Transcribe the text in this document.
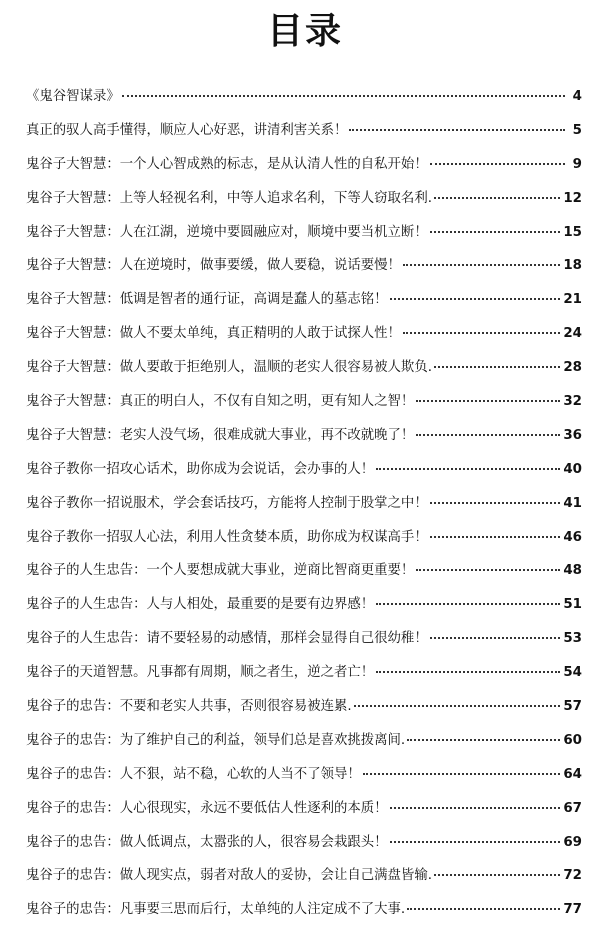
目录
《鬼谷智谋录》	4
真正的驭人高手懂得，顺应人心好恶，讲清利害关系！	5
鬼谷子大智慧：一个人心智成熟的标志，是从认清人性的自私开始！	9
鬼谷子大智慧：上等人轻视名利，中等人追求名利，下等人窃取名利.	12
鬼谷子大智慧：人在江湖，逆境中要圆融应对，顺境中要当机立断！	15
鬼谷子大智慧：人在逆境时，做事要缓，做人要稳，说话要慢！	18
鬼谷子大智慧：低调是智者的通行证，高调是蠢人的墓志铭！	21
鬼谷子大智慧：做人不要太单纯，真正精明的人敢于试探人性！	24
鬼谷子大智慧：做人要敢于拒绝别人，温顺的老实人很容易被人欺负.	28
鬼谷子大智慧：真正的明白人，不仅有自知之明，更有知人之智！	32
鬼谷子大智慧：老实人没气场，很难成就大事业，再不改就晚了！	36
鬼谷子教你一招攻心话术，助你成为会说话，会办事的人！	40
鬼谷子教你一招说服术，学会套话技巧，方能将人控制于股掌之中！	41
鬼谷子教你一招驭人心法，利用人性贪婪本质，助你成为权谋高手！	46
鬼谷子的人生忠告：一个人要想成就大事业，逆商比智商更重要！	48
鬼谷子的人生忠告：人与人相处，最重要的是要有边界感！	51
鬼谷子的人生忠告：请不要轻易的动感情，那样会显得自己很幼稚！	53
鬼谷子的天道智慧。凡事都有周期，顺之者生，逆之者亡！	54
鬼谷子的忠告：不要和老实人共事，否则很容易被连累.	57
鬼谷子的忠告：为了维护自己的利益，领导们总是喜欢挑拨离间.	60
鬼谷子的忠告：人不狠，站不稳，心软的人当不了领导！	64
鬼谷子的忠告：人心很现实，永远不要低估人性逐利的本质！	67
鬼谷子的忠告：做人低调点，太嚣张的人，很容易会栽跟头！	69
鬼谷子的忠告：做人现实点，弱者对敌人的妥协，会让自己满盘皆输.	72
鬼谷子的忠告：凡事要三思而后行，太单纯的人注定成不了大事.	77
